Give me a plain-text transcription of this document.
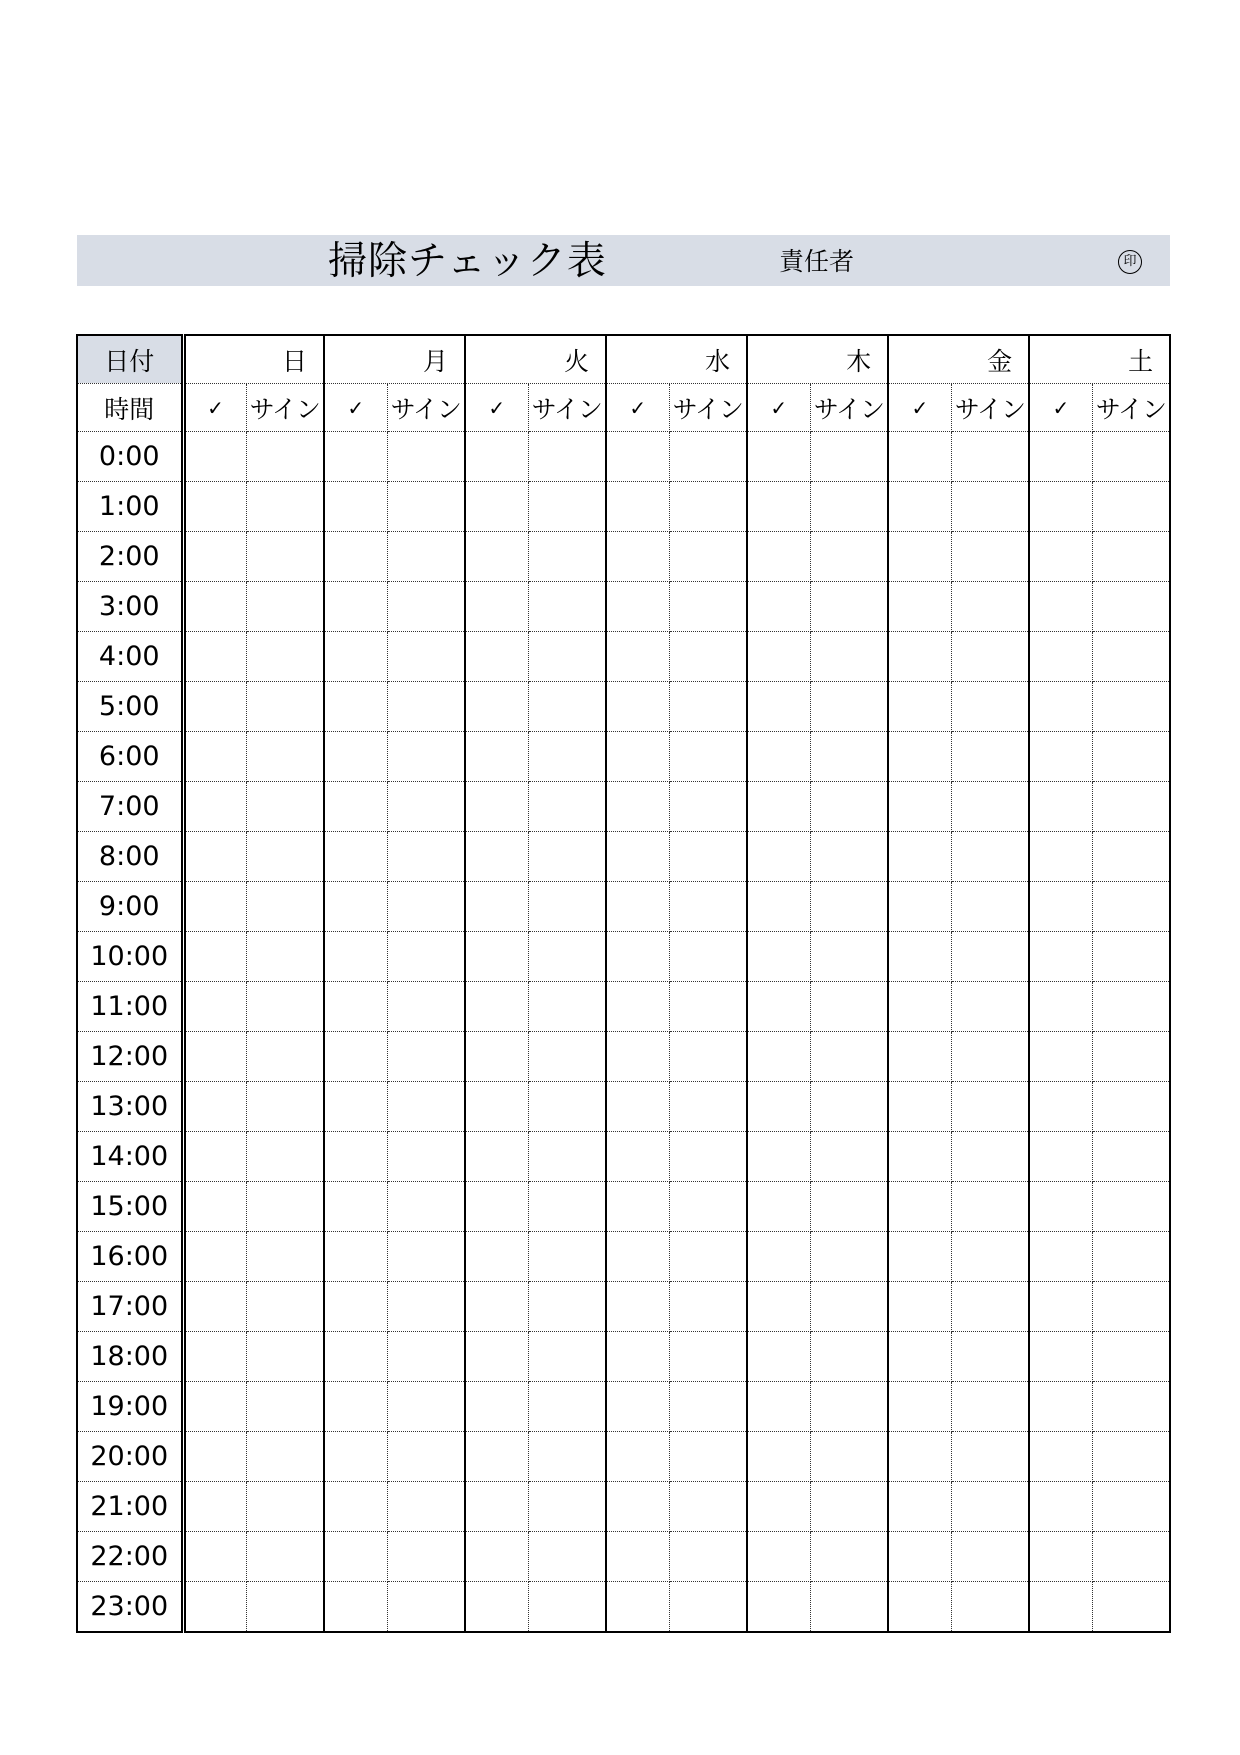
掃除チェック表	責任者	印
日付	日		月		火		水		木		金		土	
時間	✓	サイン	✓	サイン	✓	サイン	✓	サイン	✓	サイン	✓	サイン	✓	サイン
0:00														
1:00														
2:00														
3:00														
4:00														
5:00														
6:00														
7:00														
8:00														
9:00														
10:00														
11:00														
12:00														
13:00														
14:00														
15:00														
16:00														
17:00														
18:00														
19:00														
20:00														
21:00														
22:00														
23:00														
